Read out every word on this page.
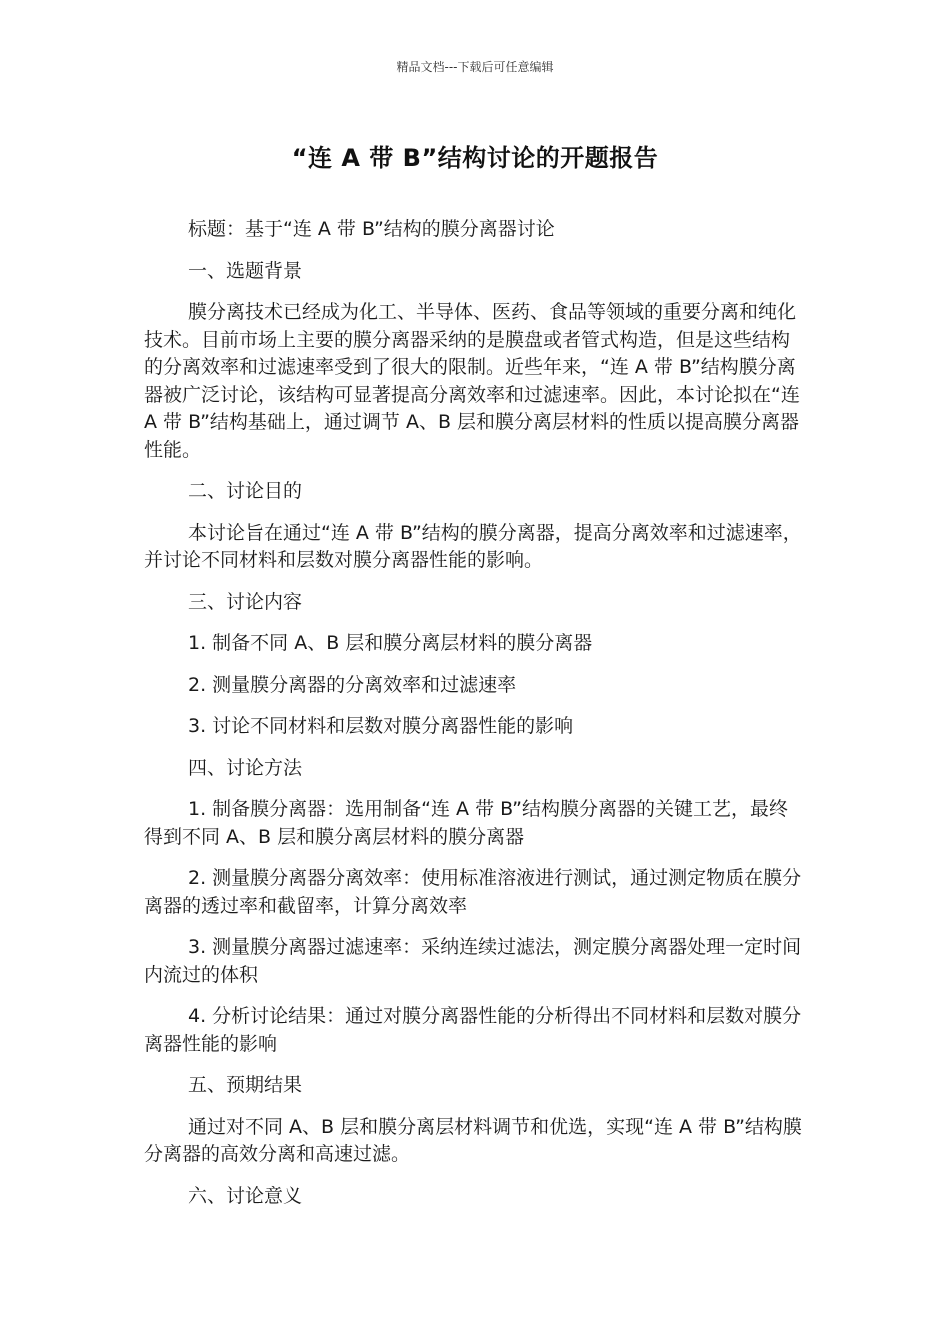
精品文档---下载后可任意编辑
“连 A 带 B”结构讨论的开题报告
标题：基于“连 A 带 B”结构的膜分离器讨论
一、选题背景
膜分离技术已经成为化工、半导体、医药、食品等领域的重要分离和纯化技术。目前市场上主要的膜分离器采纳的是膜盘或者管式构造，但是这些结构的分离效率和过滤速率受到了很大的限制。近些年来，“连 A 带 B”结构膜分离器被广泛讨论，该结构可显著提高分离效率和过滤速率。因此，本讨论拟在“连 A 带 B”结构基础上，通过调节 A、B 层和膜分离层材料的性质以提高膜分离器性能。
二、讨论目的
本讨论旨在通过“连 A 带 B”结构的膜分离器，提高分离效率和过滤速率，并讨论不同材料和层数对膜分离器性能的影响。
三、讨论内容
1. 制备不同 A、B 层和膜分离层材料的膜分离器
2. 测量膜分离器的分离效率和过滤速率
3. 讨论不同材料和层数对膜分离器性能的影响
四、讨论方法
1. 制备膜分离器：选用制备“连 A 带 B”结构膜分离器的关键工艺，最终得到不同 A、B 层和膜分离层材料的膜分离器
2. 测量膜分离器分离效率：使用标准溶液进行测试，通过测定物质在膜分离器的透过率和截留率，计算分离效率
3. 测量膜分离器过滤速率：采纳连续过滤法，测定膜分离器处理一定时间内流过的体积
4. 分析讨论结果：通过对膜分离器性能的分析得出不同材料和层数对膜分离器性能的影响
五、预期结果
通过对不同 A、B 层和膜分离层材料调节和优选，实现“连 A 带 B”结构膜分离器的高效分离和高速过滤。
六、讨论意义
